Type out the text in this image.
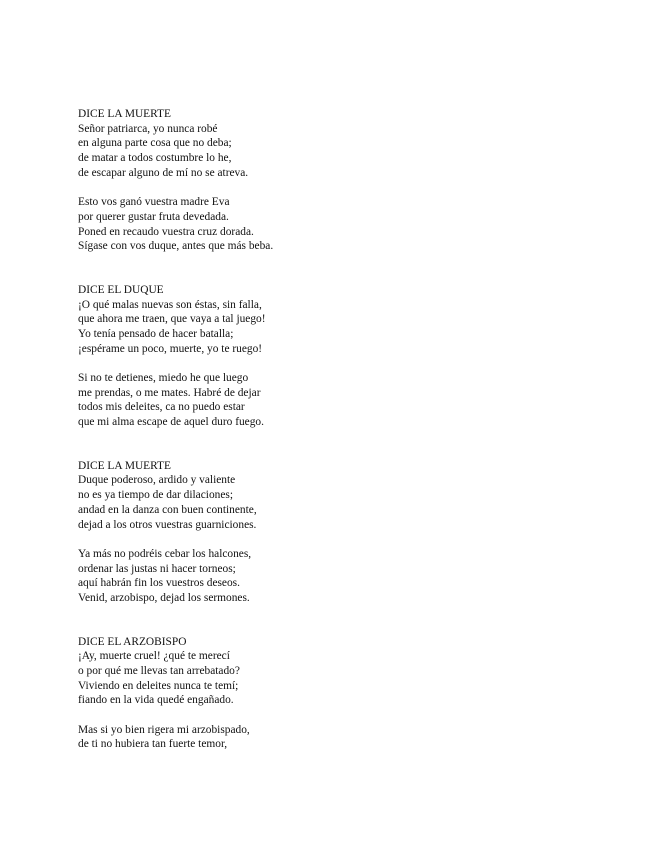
DICE LA MUERTE
Señor patriarca, yo nunca robé
en alguna parte cosa que no deba;
de matar a todos costumbre lo he,
de escapar alguno de mí no se atreva.
Esto vos ganó vuestra madre Eva
por querer gustar fruta devedada.
Poned en recaudo vuestra cruz dorada.
Sígase con vos duque, antes que más beba.
DICE EL DUQUE
¡O qué malas nuevas son éstas, sin falla,
que ahora me traen, que vaya a tal juego!
Yo tenía pensado de hacer batalla;
¡espérame un poco, muerte, yo te ruego!
Si no te detienes, miedo he que luego
me prendas, o me mates. Habré de dejar
todos mis deleites, ca no puedo estar
que mi alma escape de aquel duro fuego.
DICE LA MUERTE
Duque poderoso, ardido y valiente
no es ya tiempo de dar dilaciones;
andad en la danza con buen continente,
dejad a los otros vuestras guarniciones.
Ya más no podréis cebar los halcones,
ordenar las justas ni hacer torneos;
aquí habrán fin los vuestros deseos.
Venid, arzobispo, dejad los sermones.
DICE EL ARZOBISPO
¡Ay, muerte cruel! ¿qué te merecí
o por qué me llevas tan arrebatado?
Viviendo en deleites nunca te temí;
fiando en la vida quedé engañado.
Mas si yo bien rigera mi arzobispado,
de ti no hubiera tan fuerte temor,
